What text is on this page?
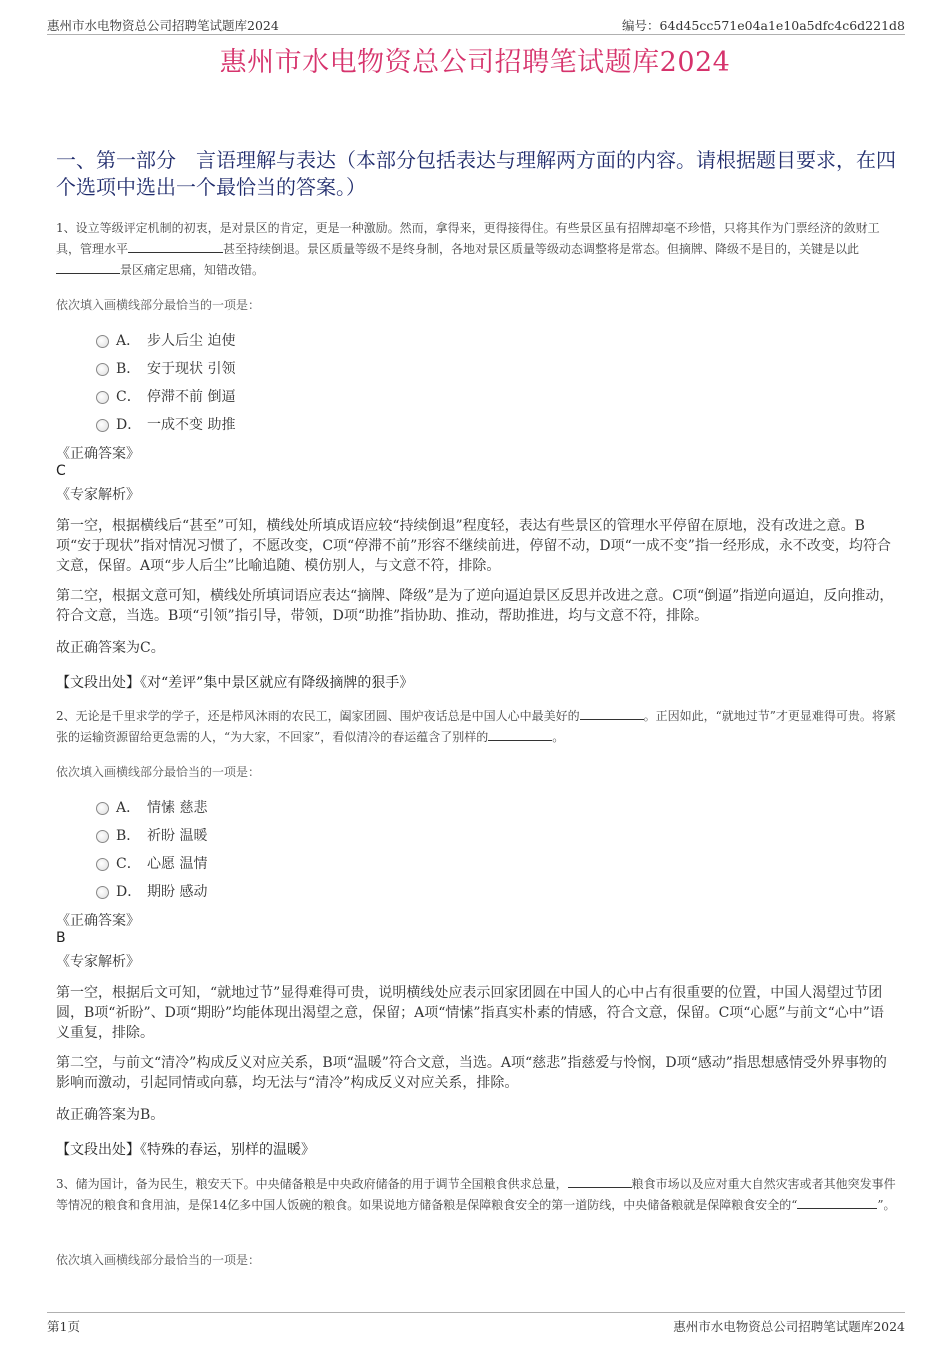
惠州市水电物资总公司招聘笔试题库2024	编号：64d45cc571e04a1e10a5dfc4c6d221d8
惠州市水电物资总公司招聘笔试题库2024
一、第一部分　言语理解与表达（本部分包括表达与理解两方面的内容。请根据题目要求，在四个选项中选出一个最恰当的答案。）
1、设立等级评定机制的初衷，是对景区的肯定，更是一种激励。然而，拿得来，更得接得住。有些景区虽有招牌却毫不珍惜，只将其作为门票经济的敛财工具，管理水平	甚至持续倒退。景区质量等级不是终身制，各地对景区质量等级动态调整将是常态。但摘牌、降级不是目的，关键是以此景区痛定思痛，知错改错。
依次填入画横线部分最恰当的一项是：
A． 步人后尘 迫使
B． 安于现状 引领
C． 停滞不前 倒逼
D． 一成不变 助推
《正确答案》
C
《专家解析》
第一空，根据横线后“甚至”可知，横线处所填成语应较“持续倒退”程度轻，表达有些景区的管理水平停留在原地，没有改进之意。B项“安于现状”指对情况习惯了，不愿改变，C项“停滞不前”形容不继续前进，停留不动，D项“一成不变”指一经形成，永不改变，均符合文意，保留。A项“步人后尘”比喻追随、模仿别人，与文意不符，排除。
第二空，根据文意可知，横线处所填词语应表达“摘牌、降级”是为了逆向逼迫景区反思并改进之意。C项“倒逼”指逆向逼迫，反向推动，符合文意，当选。B项“引领”指引导，带领，D项“助推”指协助、推动，帮助推进，均与文意不符，排除。
故正确答案为C。
【文段出处】《对“差评”集中景区就应有降级摘牌的狠手》
2、无论是千里求学的学子，还是栉风沐雨的农民工，阖家团圆、围炉夜话总是中国人心中最美好的	。正因如此，“就地过节”才更显难得可贵。将紧张的运输资源留给更急需的人，“为大家，不回家”，看似清冷的春运蕴含了别样的	。
依次填入画横线部分最恰当的一项是：
A． 情愫 慈悲
B． 祈盼 温暖
C． 心愿 温情
D． 期盼 感动
《正确答案》
B
《专家解析》
第一空，根据后文可知，“就地过节”显得难得可贵，说明横线处应表示回家团圆在中国人的心中占有很重要的位置，中国人渴望过节团圆，B项“祈盼”、D项“期盼”均能体现出渴望之意，保留；A项“情愫”指真实朴素的情感，符合文意，保留。C项“心愿”与前文“心中”语义重复，排除。
第二空，与前文“清冷”构成反义对应关系，B项“温暖”符合文意，当选。A项“慈悲”指慈爱与怜悯，D项“感动”指思想感情受外界事物的影响而激动，引起同情或向慕，均无法与“清冷”构成反义对应关系，排除。
故正确答案为B。
【文段出处】《特殊的春运，别样的温暖》
3、储为国计，备为民生，粮安天下。中央储备粮是中央政府储备的用于调节全国粮食供求总量，	粮食市场以及应对重大自然灾害或者其他突发事件等情况的粮食和食用油，是保14亿多中国人饭碗的粮食。如果说地方储备粮是保障粮食安全的第一道防线，中央储备粮就是保障粮食安全的“	”。
依次填入画横线部分最恰当的一项是：
第1页	惠州市水电物资总公司招聘笔试题库2024
